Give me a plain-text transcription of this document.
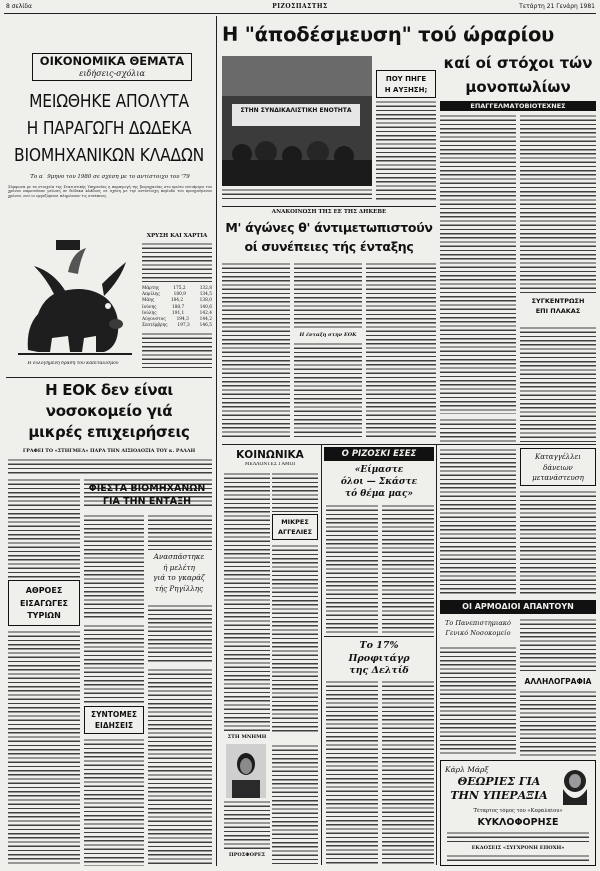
8 σελίδα	ΡΙΖΟΣΠΑΣΤΗΣ	Τετάρτη 21 Γενάρη 1981
ΟΙΚΟΝΟΜΙΚΑ ΘΕΜΑΤΑ
ειδήσεις-σχόλια
ΜΕΙΩΘΗΚΕ ΑΠΟΛΥΤΑ
Η ΠΑΡΑΓΩΓΗ ΔΩΔΕΚΑ
ΒΙΟΜΗΧΑΝΙΚΩΝ ΚΛΑΔΩΝ
Το α΄ 9μηνο του 1980 σε σχέση με το αντίστοιχο του '79
Σύμφωνα με τα στοιχεία της Στατιστικής Υπηρεσίας η παραγωγή της βιομηχανίας στο πρώτο εννιάμηνο του χρόνου παρουσίασε μείωση σε δώδεκα κλάδους σε σχέση με την αντίστοιχη περίοδο του προηγούμενου χρόνου, ενώ οι εργαζόμενοι πληρώνουν τις συνέπειες.
Η ευλογημένη δράση του καπιταλισμού
ΧΡΥΣΗ ΚΑΙ ΧΑΡΤΙΑ
Μάρτης	175,2	132,8
Απρίλης	180,9	134,5
Μάης	184,2	138,0
Ιούνης	188,7	140,6
Ιούλης	191,1	142,4
Αύγουστος	194,3	144,2
Σεπτέμβρης 197,3 146,5
Η ΕΟΚ δεν είναι
νοσοκομείο γιά
μικρές επιχειρήσεις
ΓΡΑΦΕΙ ΤΟ «ΣΤΗΓΜΕΛ» ΠΑΡΑ ΤΗΝ ΑΙΣΙΟΔΟΞΙΑ ΤΟΥ κ. ΡΑΛΛΗ
ΦΙΕΣΤΑ ΒΙΟΜΗΧΑΝΩΝ
ΓΙΑ ΤΗΝ ΕΝΤΑΞΗ
Ανασπάστηκε
ή μελέτη
γιά το γκαράζ
τής Ρηγίλλης
ΑΘΡΟΕΣ
ΕΙΣΑΓΩΓΕΣ
ΤΥΡΙΩΝ
ΣΥΝΤΟΜΕΣ
ΕΙΔΗΣΕΙΣ
Η "άποδέσμευση" τού ώραρίου
καί οί στόχοι τών
μονοπωλίων
ΕΠΑΓΓΕΛΜΑΤΟΒΙΟΤΕΧΝΕΣ
ΣΤΗΝ ΣΥΝΔΙΚΑΛΙΣΤΙΚΗ ΕΝΟΤΗΤΑ
ΠΟΥ ΠΗΓΕ
Η ΑΥΞΗΣΗ;
ΑΝΑΚΟΙΝΩΣΗ ΤΗΣ ΕΕ ΤΗΣ ΔΗΚΕΒΕ
Μ' άγώνες θ' άντιμετωπιστούν
οί συνέπειες τής ένταξης
Η ένταξη στην ΕΟΚ
ΣΥΓΚΕΝΤΡΩΣΗ
ΕΠΙ ΠΛΑΚΑΣ
ΚΟΙΝΩΝΙΚΑ
ΜΕΛΛΟΝΤΕΣ ΓΑΜΟΙ
ΜΙΚΡΕΣ
ΑΓΓΕΛΙΕΣ
ΣΤΗ ΜΝΗΜΗ
ΠΡΟΣΦΟΡΕΣ
Ο ΡΙΖΟΣΚΙ ΕΣΕΣ
«Είμαστε
όλοι — Σκάστε
τό θέμα μας»
Το 17%
Προφιτάγρ
της Δελτίδ
Καταγγέλλει
δάνειων
μετανάστευση
ΟΙ ΑΡΜΟΔΙΟΙ ΑΠΑΝΤΟΥΝ
Το Πανεπιστημιακό
Γενικό Νοσοκομείο
ΑΛΛΗΛΟΓΡΑΦΙΑ
Κάρλ Μάρξ
ΘΕΩΡΙΕΣ ΓΙΑ
ΤΗΝ ΥΠΕΡΑΞΙΑ
Τέταρτος τόμος του «Κεφαλαίου»
ΚΥΚΛΟΦΟΡΗΣΕ
ΕΚΔΟΣΕΙΣ «ΣΥΓΧΡΟΝΗ ΕΠΟΧΗ»
